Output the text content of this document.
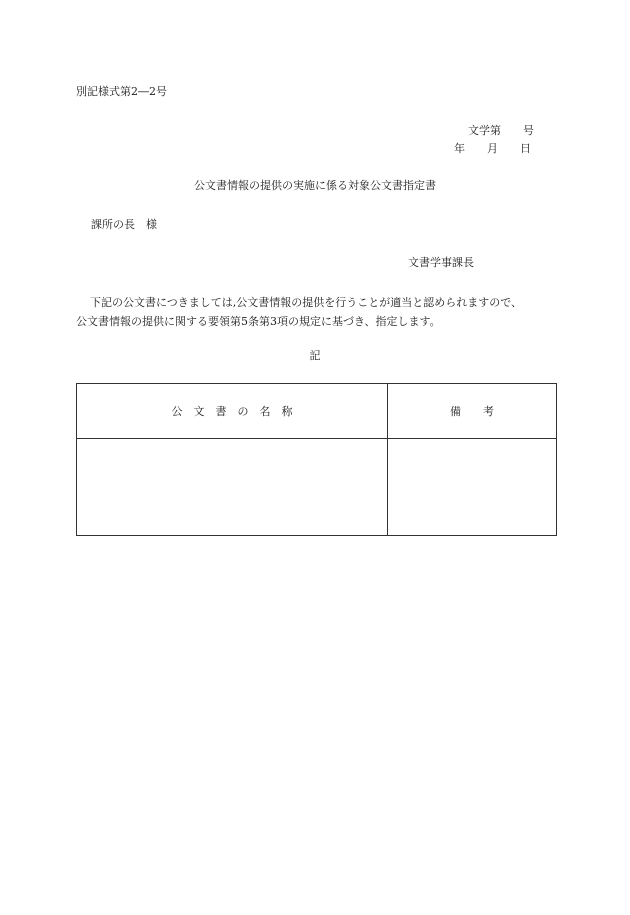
別記様式第2―2号
文学第　　号
年　　月　　日
公文書情報の提供の実施に係る対象公文書指定書
課所の長　様
文書学事課長
下記の公文書につきましては,公文書情報の提供を行うことが適当と認められますので、
公文書情報の提供に関する要領第5条第3項の規定に基づき、指定します。
記
公　文　書　の　名　称	備　　考
